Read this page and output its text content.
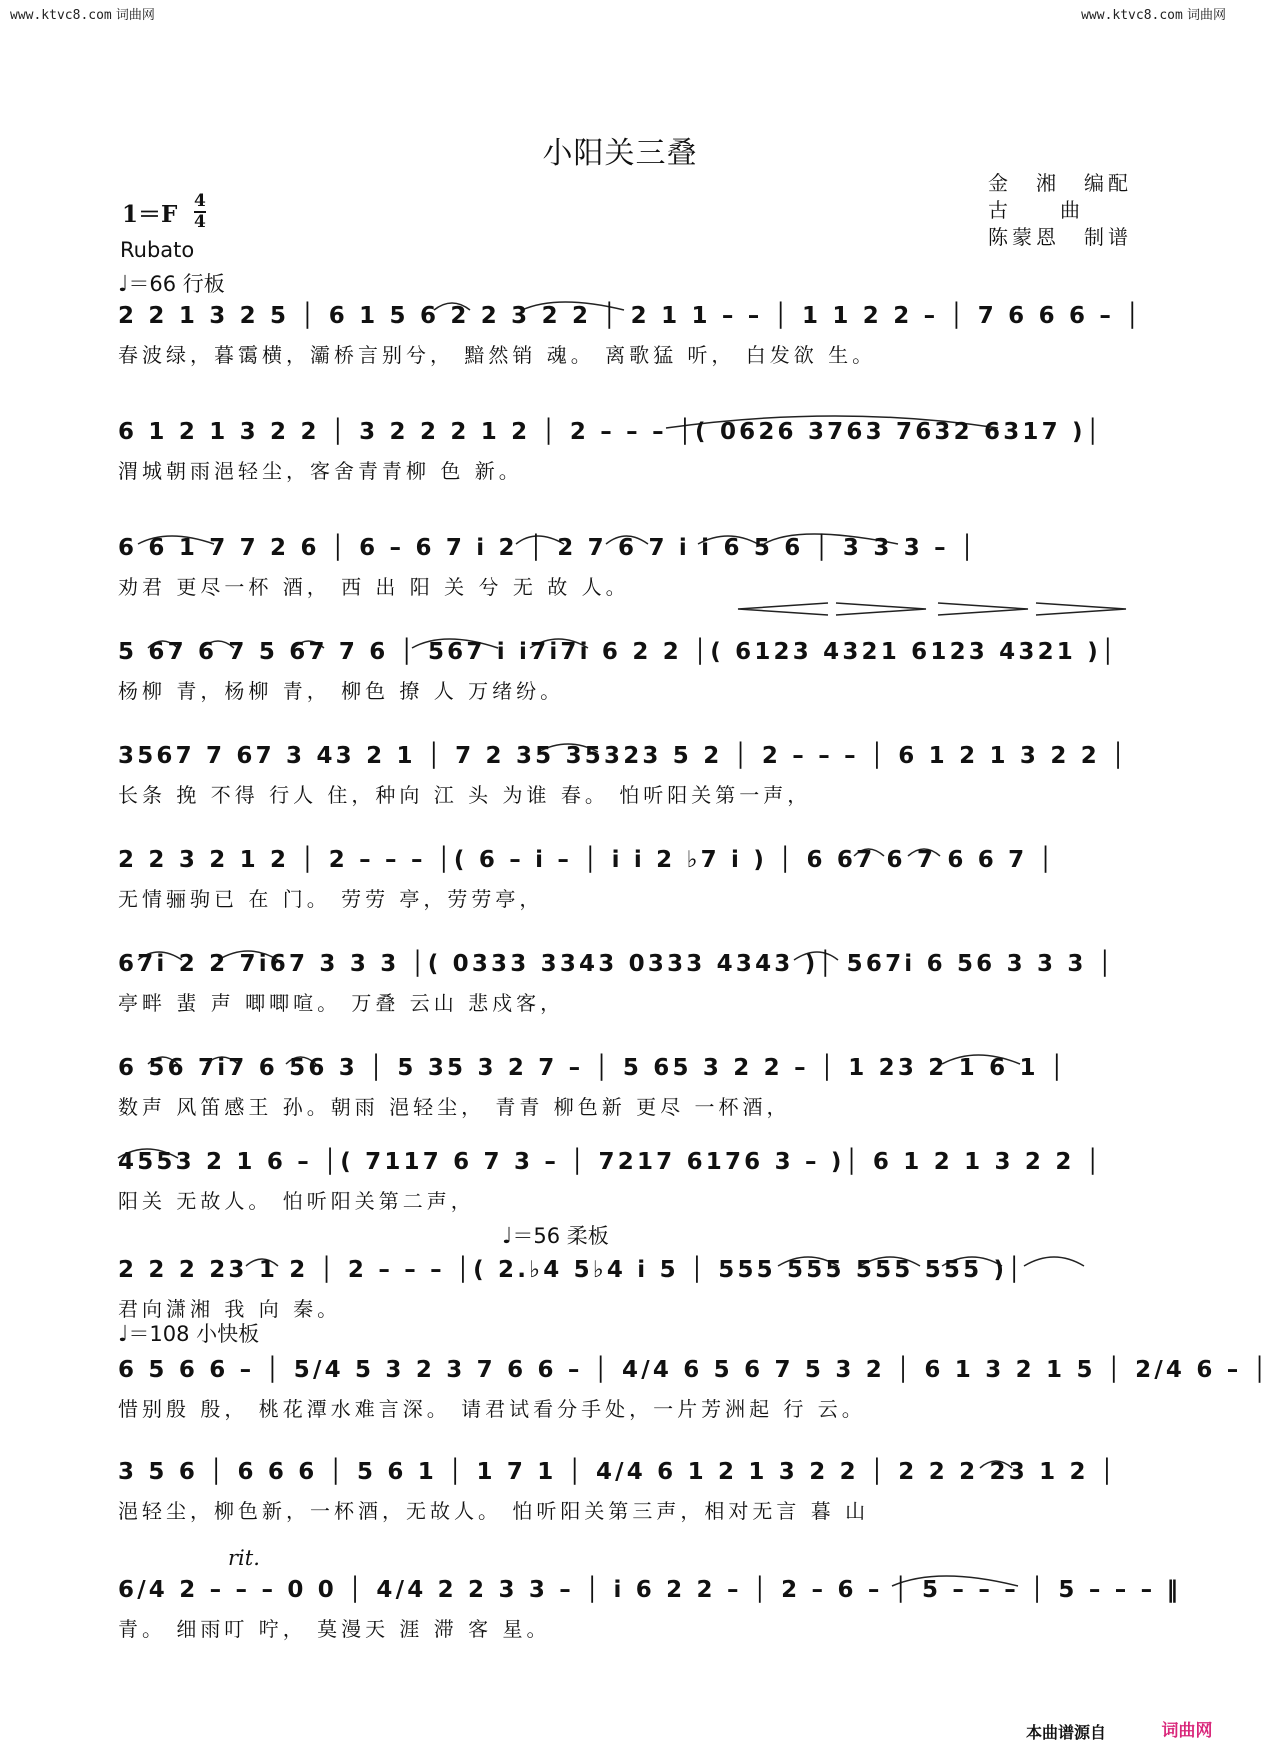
www.ktvc8.com 词曲网	www.ktvc8.com 词曲网
小阳关三叠
金　湘　编配
古　　曲
陈蒙恩　制谱
1＝F 4
4
Rubato
♩＝66 行板
♩＝56 柔板
♩＝108 小快板
rit.
2 2 1 3 2 5 │ 6 1 5 6 2 2 3 2 2 │ 2 1 1 – – │ 1 1 2 2 – │ 7 6 6 6 – │
春波绿，暮霭横，灞桥言别兮， 黯然销 魂。 离歌猛 听， 白发欲 生。
6 1 2 1 3 2 2 │ 3 2 2 2 1 2 │ 2 – – – │( 0626 3763 7632 6317 )│
渭城朝雨浥轻尘，客舍青青柳 色 新。
6 6 1 7 7 2 6 │ 6 – 6 7 i 2 │ 2 7 6 7 i i 6 5 6 │ 3 3 3 – │
劝君 更尽一杯 酒， 西 出 阳 关 兮 无 故 人。
5 67 6 7 5 67 7 6 │ 567 i i7i7i 6 2 2 │( 6123 4321 6123 4321 )│
杨柳 青，杨柳 青， 柳色 撩 人 万绪纷。
3567 7 67 3 43 2 1 │ 7 2 35 35323 5 2 │ 2 – – – │ 6 1 2 1 3 2 2 │
长条 挽 不得 行人 住，种向 江 头 为谁 春。 怕听阳关第一声，
2 2 3 2 1 2 │ 2 – – – │( 6 – i – │ i i 2 ♭7 i ) │ 6 67 6 7 6 6 7 │
无情骊驹已 在 门。 劳劳 亭，劳劳亭，
67i 2 2 7i67 3 3 3 │( 0333 3343 0333 4343 )│ 567i 6 56 3 3 3 │
亭畔 蜚 声 唧唧喧。 万叠 云山 悲戍客，
6 56 7i7 6 56 3 │ 5 35 3 2 7 – │ 5 65 3 2 2 – │ 1 23 2 1 6 1 │
数声 风笛感王 孙。朝雨 浥轻尘， 青青 柳色新 更尽 一杯酒，
4553 2 1 6 – │( 7117 6 7 3 – │ 7217 6176 3 – )│ 6 1 2 1 3 2 2 │
阳关 无故人。 怕听阳关第二声，
2 2 2 23 1 2 │ 2 – – – │( 2.♭4 5♭4 i 5 │ 555 555 555 555 )│
君向潇湘 我 向 秦。
6 5 6 6 – │ 5/4 5 3 2 3 7 6 6 – │ 4/4 6 5 6 7 5 3 2 │ 6 1 3 2 1 5 │ 2/4 6 – │
惜别殷 殷， 桃花潭水难言深。 请君试看分手处，一片芳洲起 行 云。
3 5 6 │ 6 6 6 │ 5 6 1 │ 1 7 1 │ 4/4 6 1 2 1 3 2 2 │ 2 2 2 23 1 2 │
浥轻尘，柳色新，一杯酒，无故人。 怕听阳关第三声，相对无言 暮 山
6/4 2 – – – 0 0 │ 4/4 2 2 3 3 – │ i 6 2 2 – │ 2 – 6 – │ 5 – – – │ 5 – – – ‖
青。 细雨叮 咛， 莫漫天 涯 滞 客 星。
本曲谱源自	词曲网
